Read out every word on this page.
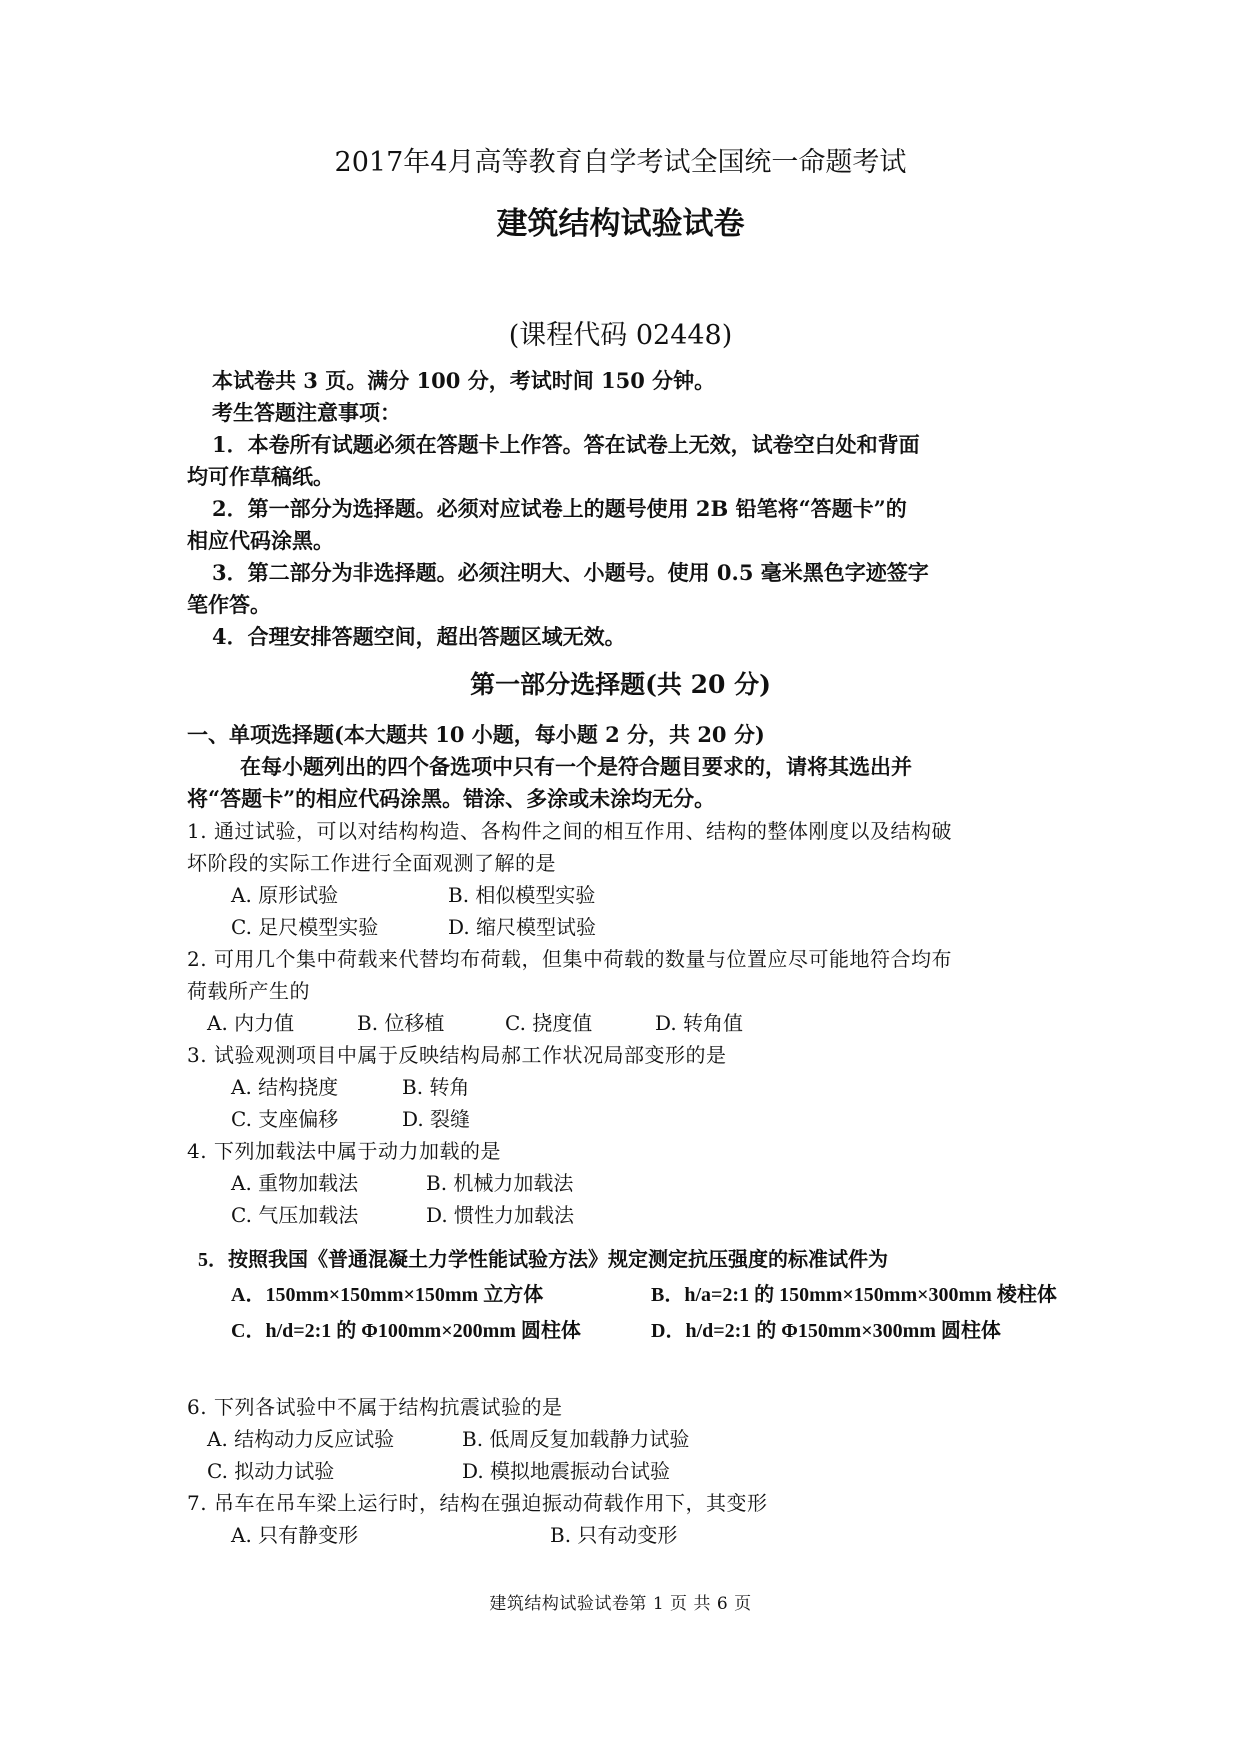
2017年4月高等教育自学考试全国统一命题考试
建筑结构试验试卷
(课程代码 02448)
本试卷共 3 页。满分 100 分，考试时间 150 分钟。
考生答题注意事项：
1．本卷所有试题必须在答题卡上作答。答在试卷上无效，试卷空白处和背面
均可作草稿纸。
2．第一部分为选择题。必须对应试卷上的题号使用 2B 铅笔将“答题卡”的
相应代码涂黑。
3．第二部分为非选择题。必须注明大、小题号。使用 0.5 毫米黑色字迹签字
笔作答。
4．合理安排答题空间，超出答题区域无效。
第一部分选择题(共 20 分)
一、单项选择题(本大题共 10 小题，每小题 2 分，共 20 分)
在每小题列出的四个备选项中只有一个是符合题目要求的，请将其选出并
将“答题卡”的相应代码涂黑。错涂、多涂或未涂均无分。
1. 通过试验，可以对结构构造、各构件之间的相互作用、结构的整体刚度以及结构破
坏阶段的实际工作进行全面观测了解的是
A. 原形试验	B. 相似模型实验
C. 足尺模型实验	D. 缩尺模型试验
2. 可用几个集中荷载来代替均布荷载，但集中荷载的数量与位置应尽可能地符合均布
荷载所产生的
A. 内力值	B. 位移植	C. 挠度值	D. 转角值
3. 试验观测项目中属于反映结构局郝工作状况局部变形的是
A. 结构挠度	B. 转角
C. 支座偏移	D. 裂缝
4. 下列加载法中属于动力加载的是
A. 重物加载法	B. 机械力加载法
C. 气压加载法	D. 惯性力加载法
5．按照我国《普通混凝土力学性能试验方法》规定测定抗压强度的标准试件为
A．150mm×150mm×150mm 立方体	B．h/a=2:1 的 150mm×150mm×300mm 棱柱体
C．h/d=2:1 的 Φ100mm×200mm 圆柱体	D．h/d=2:1 的 Φ150mm×300mm 圆柱体
6. 下列各试验中不属于结构抗震试验的是
A. 结构动力反应试验	B. 低周反复加载静力试验
C. 拟动力试验	D. 模拟地震振动台试验
7. 吊车在吊车梁上运行时，结构在强迫振动荷载作用下，其变形
A. 只有静变形	B. 只有动变形
建筑结构试验试卷第 1 页 共 6 页
